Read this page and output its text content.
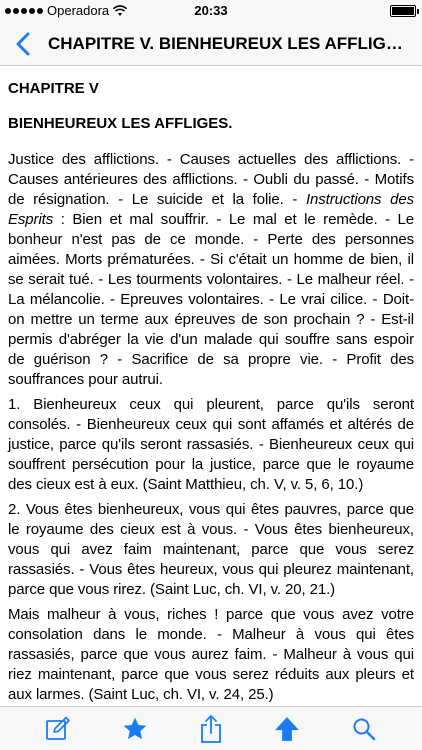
Operadora	20:33
CHAPITRE V. BIENHEUREUX LES AFFLIG…
CHAPITRE V
BIENHEUREUX LES AFFLIGES.

Justice des afflictions. - Causes actuelles des afflictions. - Causes antérieures des afflictions. - Oubli du passé. - Motifs de résignation. - Le suicide et la folie. - Instructions des Esprits : Bien et mal souffrir. - Le mal et le remède. - Le bonheur n'est pas de ce monde. - Perte des personnes aimées. Morts prématurées. - Si c'était un homme de bien, il se serait tué. - Les tourments volontaires. - Le malheur réel. - La mélancolie. - Epreuves volontaires. - Le vrai cilice. - Doit-on mettre un terme aux épreuves de son prochain ? - Est-il permis d'abréger la vie d'un malade qui souffre sans espoir de guérison ? - Sacrifice de sa propre vie. - Profit des souffrances pour autrui.

1. Bienheureux ceux qui pleurent, parce qu'ils seront consolés. - Bienheureux ceux qui sont affamés et altérés de justice, parce qu'ils seront rassasiés. - Bienheureux ceux qui souffrent persécution pour la justice, parce que le royaume des cieux est à eux. (Saint Matthieu, ch. V, v. 5, 6, 10.)

2. Vous êtes bienheureux, vous qui êtes pauvres, parce que le royaume des cieux est à vous. - Vous êtes bienheureux, vous qui avez faim maintenant, parce que vous serez rassasiés. - Vous êtes heureux, vous qui pleurez maintenant, parce que vous rirez. (Saint Luc, ch. VI, v. 20, 21.)

Mais malheur à vous, riches ! parce que vous avez votre consolation dans le monde. - Malheur à vous qui êtes rassasiés, parce que vous aurez faim. - Malheur à vous qui riez maintenant, parce que vous serez réduits aux pleurs et aux larmes. (Saint Luc, ch. VI, v. 24, 25.)
